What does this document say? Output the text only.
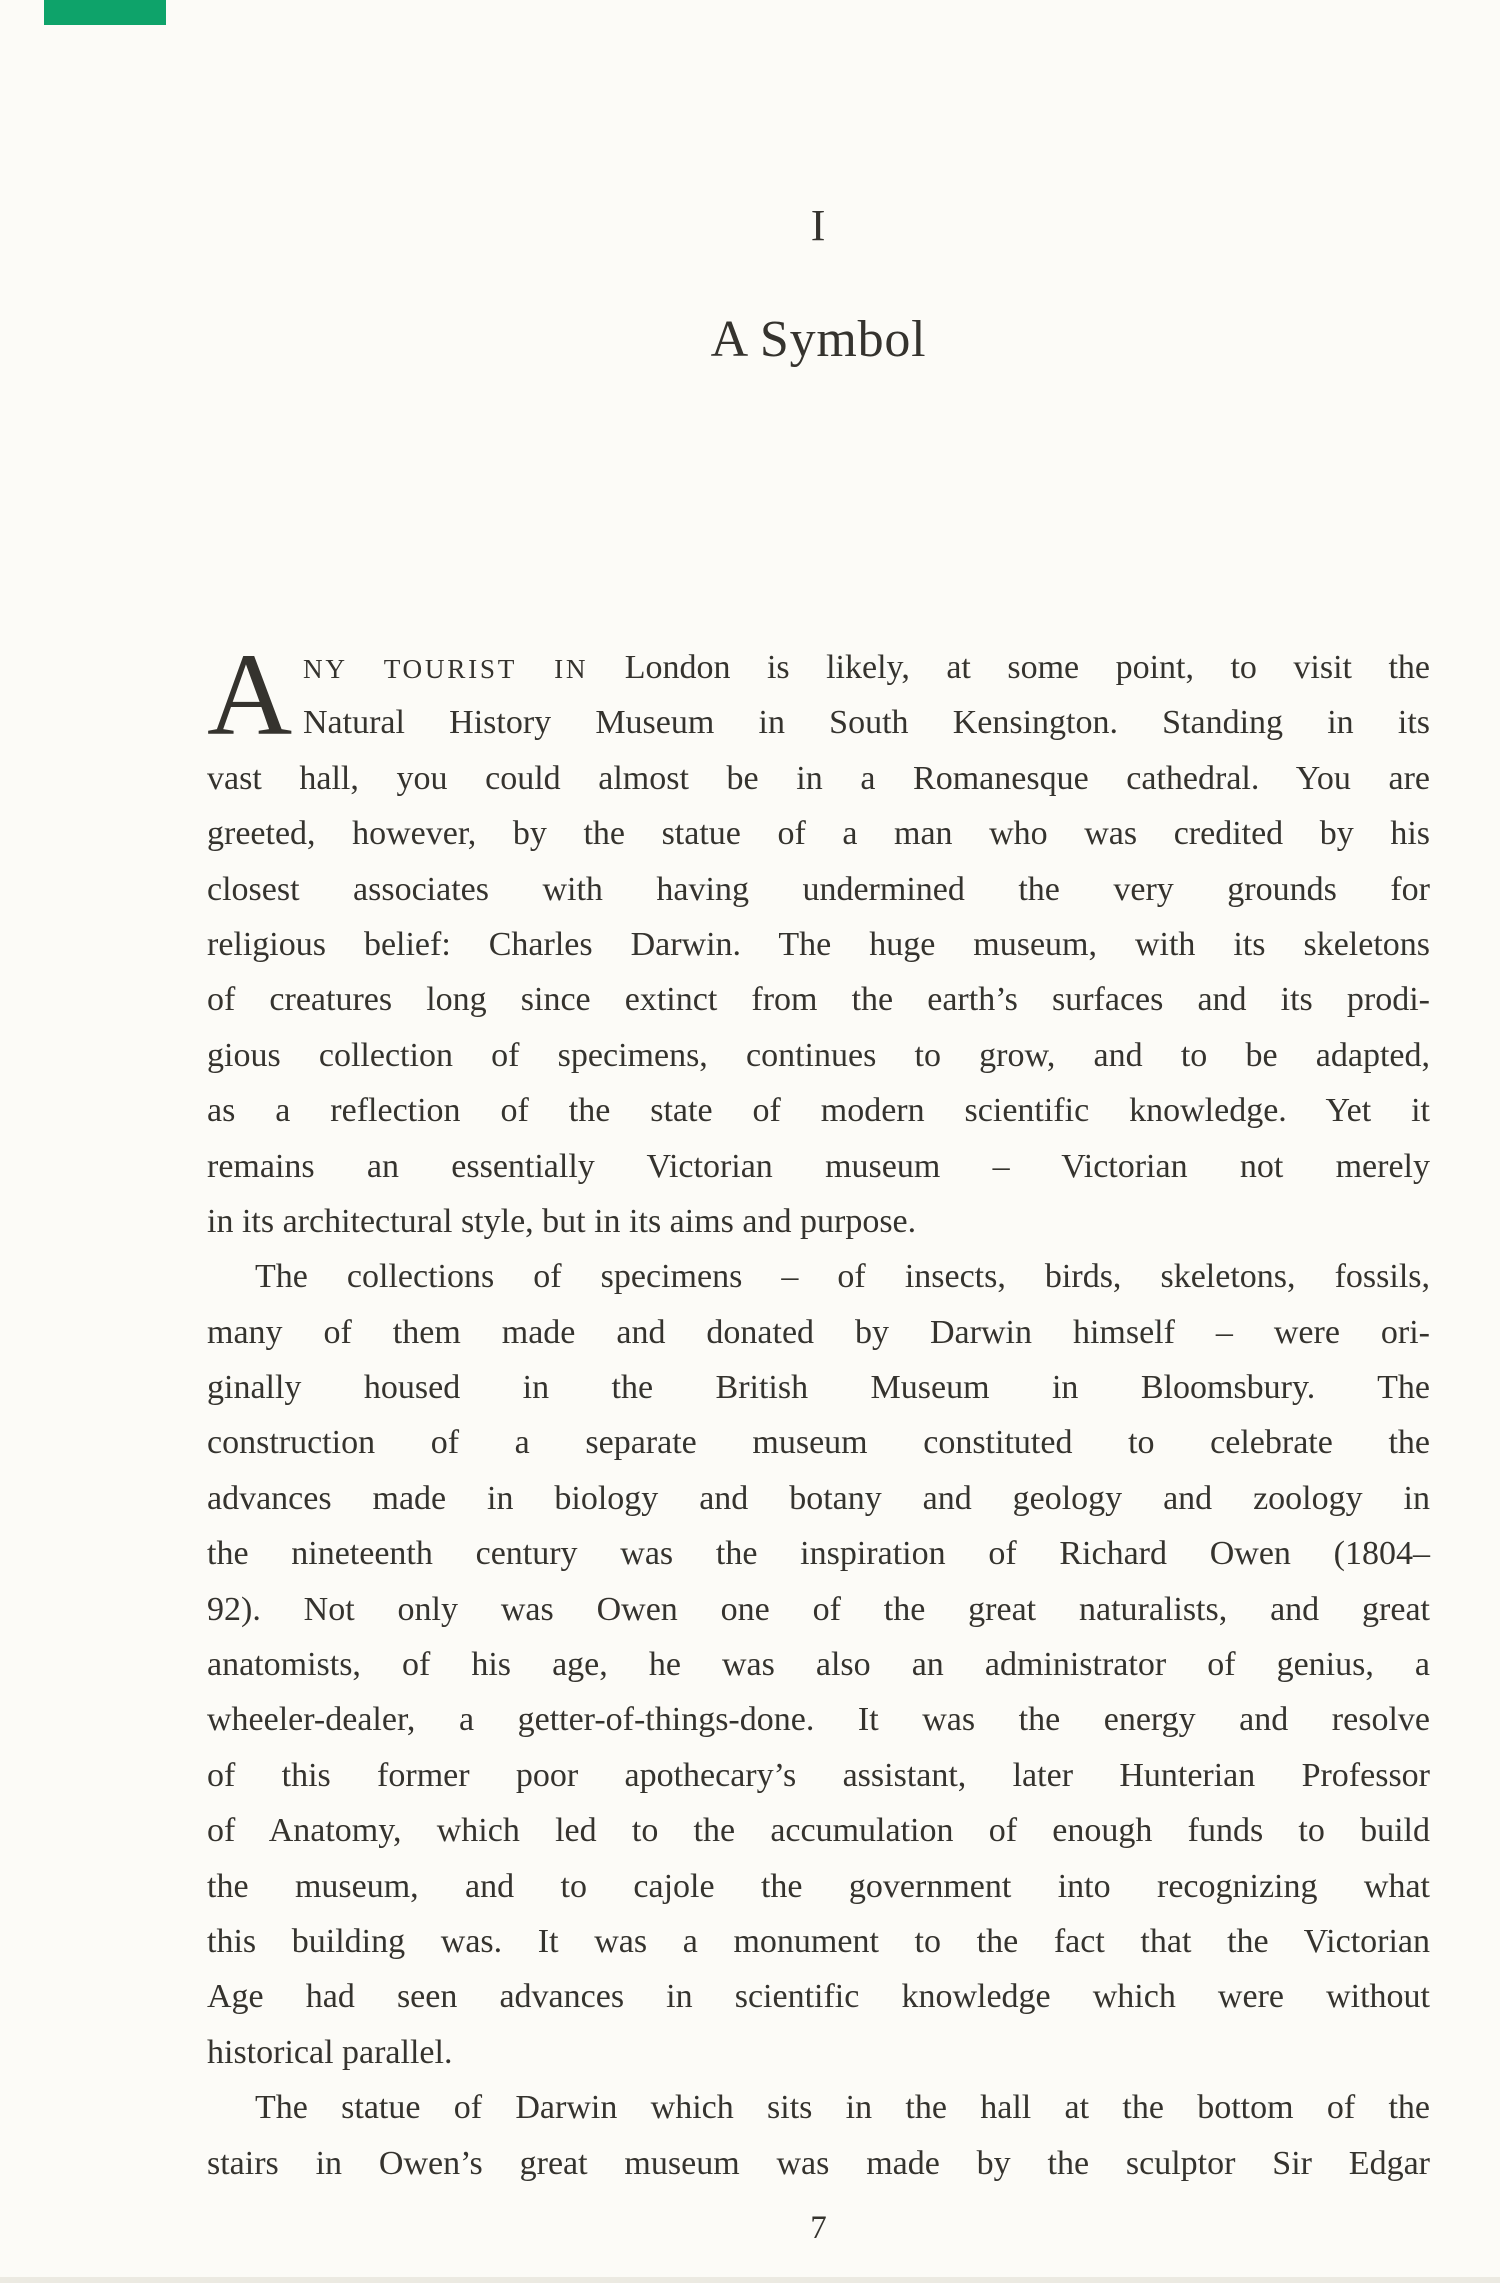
I
A Symbol
A NY TOURIST IN London is likely, at some point, to visit the
Natural History Museum in South Kensington. Standing in its
vast hall, you could almost be in a Romanesque cathedral. You are
greeted, however, by the statue of a man who was credited by his
closest associates with having undermined the very grounds for
religious belief: Charles Darwin. The huge museum, with its skeletons
of creatures long since extinct from the earth’s surfaces and its prodi-
gious collection of specimens, continues to grow, and to be adapted,
as a reflection of the state of modern scientific knowledge. Yet it
remains an essentially Victorian museum – Victorian not merely
in its architectural style, but in its aims and purpose.
The collections of specimens – of insects, birds, skeletons, fossils,
many of them made and donated by Darwin himself – were ori-
ginally housed in the British Museum in Bloomsbury. The
construction of a separate museum constituted to celebrate the
advances made in biology and botany and geology and zoology in
the nineteenth century was the inspiration of Richard Owen (1804–
92). Not only was Owen one of the great naturalists, and great
anatomists, of his age, he was also an administrator of genius, a
wheeler-dealer, a getter-of-things-done. It was the energy and resolve
of this former poor apothecary’s assistant, later Hunterian Professor
of Anatomy, which led to the accumulation of enough funds to build
the museum, and to cajole the government into recognizing what
this building was. It was a monument to the fact that the Victorian
Age had seen advances in scientific knowledge which were without
historical parallel.
The statue of Darwin which sits in the hall at the bottom of the
stairs in Owen’s great museum was made by the sculptor Sir Edgar
7
